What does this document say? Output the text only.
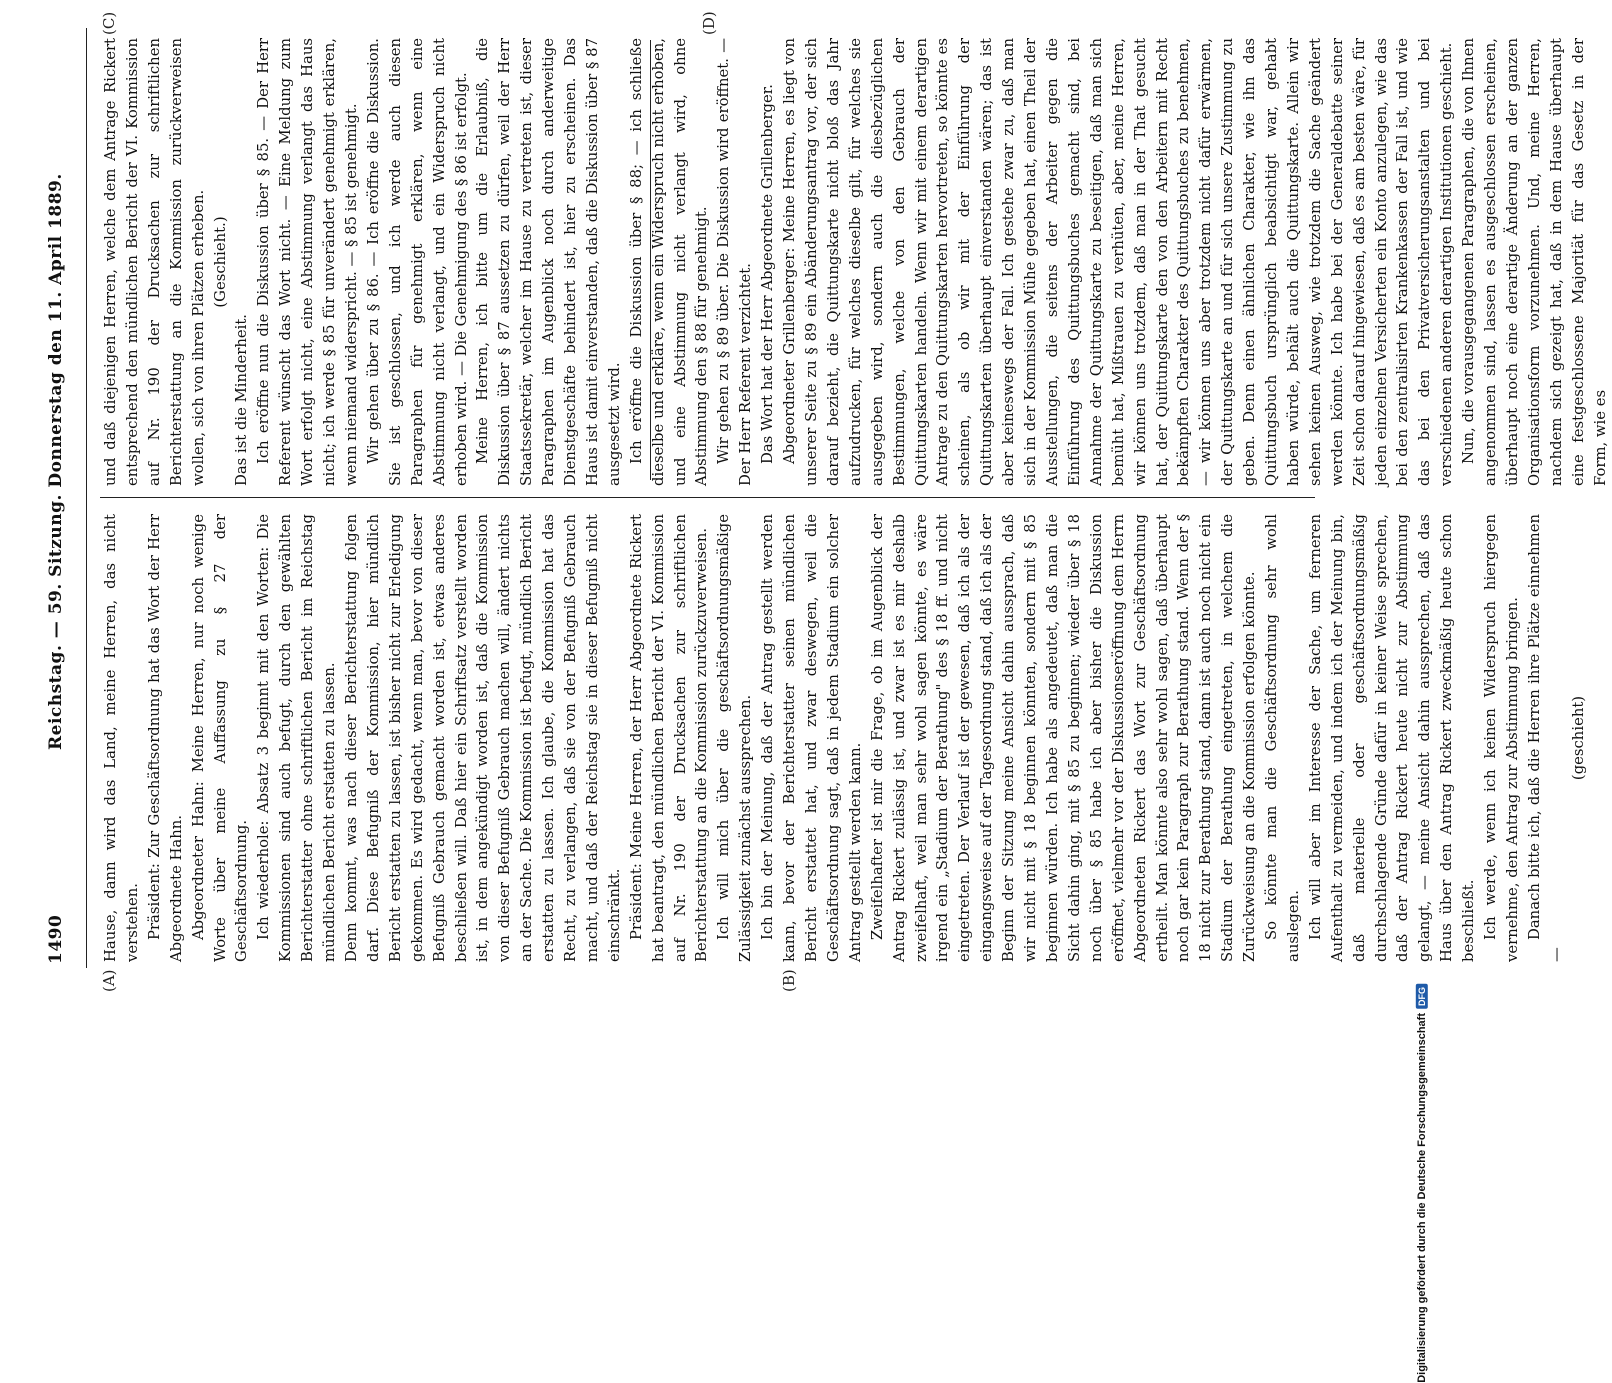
1490
Reichstag. — 59. Sitzung. Donnerstag den 11. April 1889.
(A)	(B)
(C)	(D)

Hause, dann wird das Land, meine Herren, das nicht verstehen. Präsident: Zur Geschäftsordnung hat das Wort der Herr Abgeordnete Hahn. Abgeordneter Hahn: Meine Herren, nur noch wenige Worte über meine Auffassung zu § 27 der Geschäftsordnung. Ich wiederhole: Absatz 3 beginnt mit den Worten: Die Kommissionen sind auch befugt, durch den gewählten Berichterstatter ohne schriftlichen Bericht im Reichstag mündlichen Bericht erstatten zu lassen. Denn kommt, was nach dieser Berichterstattung folgen darf. Diese Befugniß der Kommission, hier mündlich Bericht erstatten zu lassen, ist bisher nicht zur Erledigung gekommen. Es wird gedacht, wenn man, bevor von dieser Befugniß Gebrauch gemacht worden ist, etwas anderes beschließen will. Daß hier ein Schriftsatz verstellt worden ist, in dem angekündigt worden ist, daß die Kommission von dieser Befugniß Gebrauch machen will, ändert nichts an der Sache. Die Kommission ist befugt, mündlich Bericht erstatten zu lassen. Ich glaube, die Kommission hat das Recht, zu verlangen, daß sie von der Befugniß Gebrauch macht, und daß der Reichstag sie in dieser Befugniß nicht einschränkt. Präsident: Meine Herren, der Herr Abgeordnete Rickert hat beantragt, den mündlichen Bericht der VI. Kommission auf Nr. 190 der Drucksachen zur schriftlichen Berichterstattung an die Kommission zurückzuverweisen. Ich will mich über die geschäftsordnungsmäßige Zulässigkeit zunächst aussprechen. Ich bin der Meinung, daß der Antrag gestellt werden kann, bevor der Berichterstatter seinen mündlichen Bericht erstattet hat, und zwar deswegen, weil die Geschäftsordnung sagt, daß in jedem Stadium ein solcher Antrag gestellt werden kann. Zweifelhafter ist mir die Frage, ob im Augenblick der Antrag Rickert zulässig ist, und zwar ist es mir deshalb zweifelhaft, weil man sehr wohl sagen könnte, es wäre irgend ein „Stadium der Berathung" des § 18 ff. und nicht eingetreten. Der Verlauf ist der gewesen, daß ich als der eingangsweise auf der Tagesordnung stand, daß ich als der Beginn der Sitzung meine Ansicht dahin aussprach, daß wir nicht mit § 18 beginnen könnten, sondern mit § 85 beginnen würden. Ich habe als angedeutet, daß man die Sicht dahin ging, mit § 85 zu beginnen; wieder über § 18 noch über § 85 habe ich aber bisher die Diskussion eröffnet, vielmehr vor der Diskussionseröffnung dem Herrn Abgeordneten Rickert das Wort zur Geschäftsordnung ertheilt. Man könnte also sehr wohl sagen, daß überhaupt noch gar kein Paragraph zur Berathung stand. Wenn der § 18 nicht zur Berathung stand, dann ist auch noch nicht ein Stadium der Berathung eingetreten, in welchem die Zurückweisung an die Kommission erfolgen könnte. So könnte man die Geschäftsordnung sehr wohl auslegen. Ich will aber im Interesse der Sache, um ferneren Aufenthalt zu vermeiden, und indem ich der Meinung bin, daß materielle oder geschäftsordnungsmäßig durchschlagende Gründe dafür in keiner Weise sprechen, daß der Antrag Rickert heute nicht zur Abstimmung gelangt, — meine Ansicht dahin aussprechen, daß das Haus über den Antrag Rickert zweckmäßig heute schon beschließt. Ich werde, wenn ich keinen Widerspruch hiergegen vernehme, den Antrag zur Abstimmung bringen. Danach bitte ich, daß die Herren ihre Plätze einnehmen —

(geschieht)

und daß diejenigen Herren, welche dem Antrage Rickert entsprechend den mündlichen Bericht der VI. Kommission auf Nr. 190 der Drucksachen zur schriftlichen Berichterstattung an die Kommission zurückverweisen wollen, sich von ihren Plätzen erheben. (Geschieht.)

Das ist die Minderheit. Ich eröffne nun die Diskussion über § 85. — Der Herr Referent wünscht das Wort nicht. — Eine Meldung zum Wort erfolgt nicht, eine Abstimmung verlangt das Haus nicht; ich werde § 85 für unverändert genehmigt erklären, wenn niemand widerspricht. — § 85 ist genehmigt. Wir gehen über zu § 86. — Ich eröffne die Diskussion. Sie ist geschlossen, und ich werde auch diesen Paragraphen für genehmigt erklären, wenn eine Abstimmung nicht verlangt, und ein Widerspruch nicht erhoben wird. — Die Genehmigung des § 86 ist erfolgt. Meine Herren, ich bitte um die Erlaubniß, die Diskussion über § 87 aussetzen zu dürfen, weil der Herr Staatssekretär, welcher im Hause zu vertreten ist, dieser Paragraphen im Augenblick noch durch anderweitige Dienstgeschäfte behindert ist, hier zu erscheinen. Das Haus ist damit einverstanden, daß die Diskussion über § 87 ausgesetzt wird. Ich eröffne die Diskussion über § 88; — ich schließe dieselbe und erkläre, wenn ein Widerspruch nicht erhoben, und eine Abstimmung nicht verlangt wird, ohne Abstimmung den § 88 für genehmigt. Wir gehen zu § 89 über. Die Diskussion wird eröffnet. — Der Herr Referent verzichtet. Das Wort hat der Herr Abgeordnete Grillenberger. Abgeordneter Grillenberger: Meine Herren, es liegt von unserer Seite zu § 89 ein Abänderungsantrag vor, der sich darauf bezieht, die Quittungskarte nicht bloß das Jahr aufzudrucken, für welches dieselbe gilt, für welches sie ausgegeben wird, sondern auch die diesbezüglichen Bestimmungen, welche von den Gebrauch der Quittungskarten handeln. Wenn wir mit einem derartigen Antrage zu den Quittungskarten hervortreten, so könnte es scheinen, als ob wir mit der Einführung der Quittungskarten überhaupt einverstanden wären; das ist aber keineswegs der Fall. Ich gestehe zwar zu, daß man sich in der Kommission Mühe gegeben hat, einen Theil der Ausstellungen, die seitens der Arbeiter gegen die Einführung des Quittungsbuches gemacht sind, bei Annahme der Quittungskarte zu beseitigen, daß man sich bemüht hat, Mißtrauen zu verhüten, aber, meine Herren, wir können uns trotzdem, daß man in der That gesucht hat, der Quittungskarte den von den Arbeitern mit Recht bekämpften Charakter des Quittungsbuches zu benehmen, — wir können uns aber trotzdem nicht dafür erwärmen, der Quittungskarte an und für sich unsere Zustimmung zu geben. Denn einen ähnlichen Charakter, wie ihn das Quittungsbuch ursprünglich beabsichtigt war, gehabt haben würde, behält auch die Quittungskarte. Allein wir sehen keinen Ausweg, wie trotzdem die Sache geändert werden könnte. Ich habe bei der Generaldebatte seiner Zeit schon darauf hingewiesen, daß es am besten wäre, für jeden einzelnen Versicherten ein Konto anzulegen, wie das bei den zentralisirten Krankenkassen der Fall ist, und wie das bei den Privatversicherungsanstalten und bei verschiedenen anderen derartigen Institutionen geschieht. Nun, die vorausgegangenen Paragraphen, die von Ihnen angenommen sind, lassen es ausgeschlossen erscheinen, überhaupt noch eine derartige Änderung an der ganzen Organisationsform vorzunehmen. Und, meine Herren, nachdem sich gezeigt hat, daß in dem Hause überhaupt eine festgeschlossene Majorität für das Gesetz in der Form, wie es

Digitalisierung gefördert durch die Deutsche Forschungsgemeinschaft
DFG
